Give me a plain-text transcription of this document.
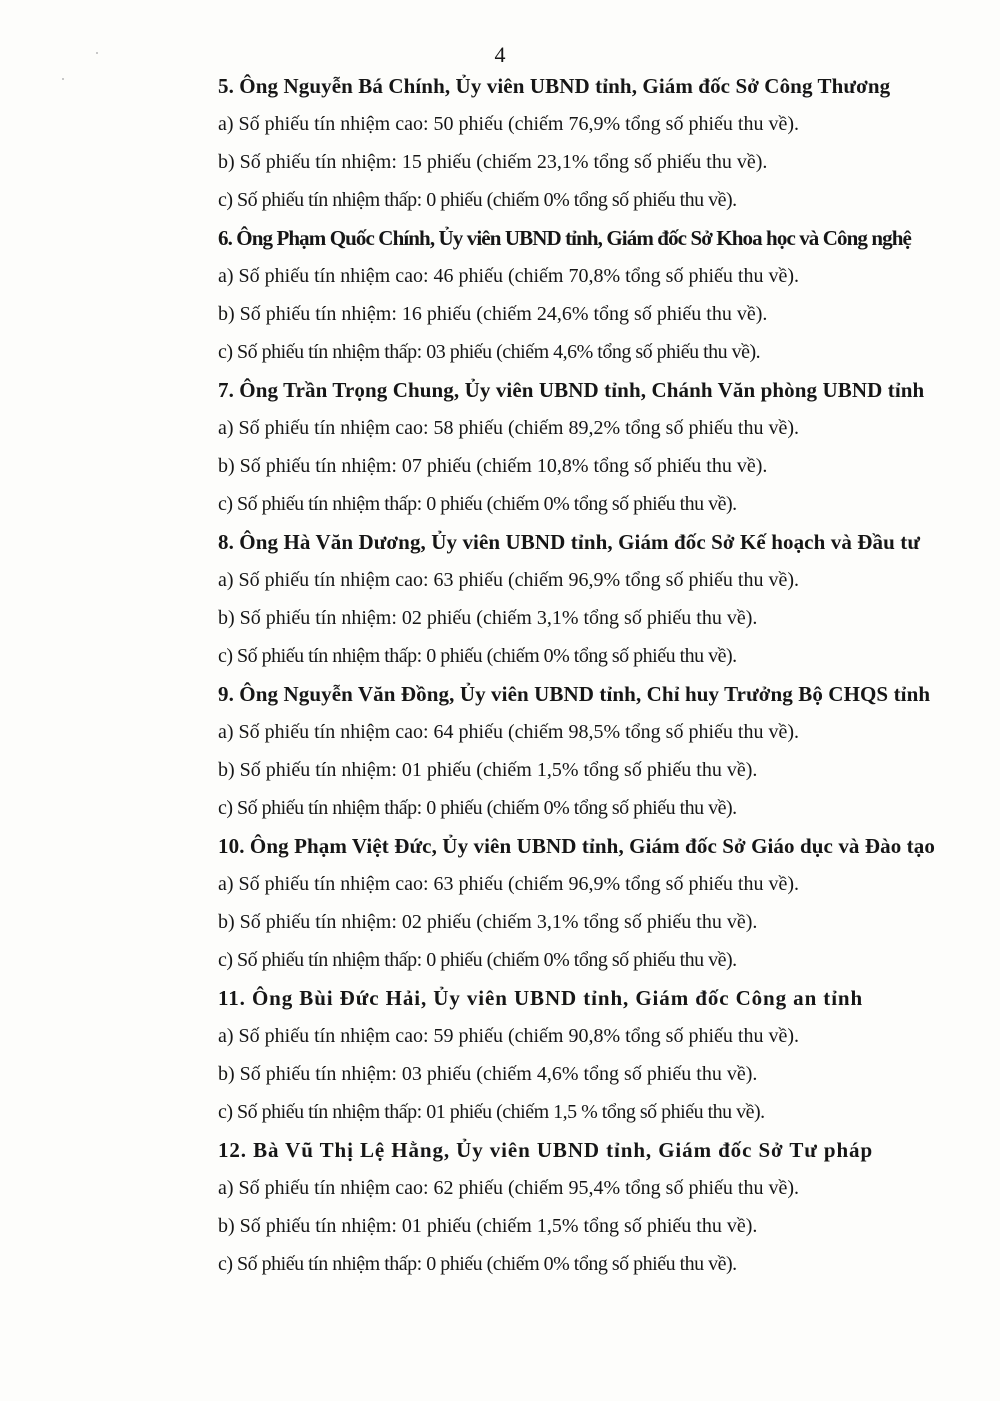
4
5. Ông Nguyễn Bá Chính, Ủy viên UBND tỉnh, Giám đốc Sở Công Thương
a) Số phiếu tín nhiệm cao: 50 phiếu (chiếm 76,9% tổng số phiếu thu về).
b) Số phiếu tín nhiệm: 15 phiếu (chiếm 23,1% tổng số phiếu thu về).
c) Số phiếu tín nhiệm thấp: 0 phiếu (chiếm 0% tổng số phiếu thu về).
6. Ông Phạm Quốc Chính, Ủy viên UBND tỉnh, Giám đốc Sở Khoa học và Công nghệ
a) Số phiếu tín nhiệm cao: 46 phiếu (chiếm 70,8% tổng số phiếu thu về).
b) Số phiếu tín nhiệm: 16 phiếu (chiếm 24,6% tổng số phiếu thu về).
c) Số phiếu tín nhiệm thấp: 03 phiếu (chiếm 4,6% tổng số phiếu thu về).
7. Ông Trần Trọng Chung, Ủy viên UBND tỉnh, Chánh Văn phòng UBND tỉnh
a) Số phiếu tín nhiệm cao: 58 phiếu (chiếm 89,2% tổng số phiếu thu về).
b) Số phiếu tín nhiệm: 07 phiếu (chiếm 10,8% tổng số phiếu thu về).
c) Số phiếu tín nhiệm thấp: 0 phiếu (chiếm 0% tổng số phiếu thu về).
8. Ông Hà Văn Dương, Ủy viên UBND tỉnh, Giám đốc Sở Kế hoạch và Đầu tư
a) Số phiếu tín nhiệm cao: 63 phiếu (chiếm 96,9% tổng số phiếu thu về).
b) Số phiếu tín nhiệm: 02 phiếu (chiếm 3,1% tổng số phiếu thu về).
c) Số phiếu tín nhiệm thấp: 0 phiếu (chiếm 0% tổng số phiếu thu về).
9. Ông Nguyễn Văn Đồng, Ủy viên UBND tỉnh, Chỉ huy Trưởng Bộ CHQS tỉnh
a) Số phiếu tín nhiệm cao: 64 phiếu (chiếm 98,5% tổng số phiếu thu về).
b) Số phiếu tín nhiệm: 01 phiếu (chiếm 1,5% tổng số phiếu thu về).
c) Số phiếu tín nhiệm thấp: 0 phiếu (chiếm 0% tổng số phiếu thu về).
10. Ông Phạm Việt Đức, Ủy viên UBND tỉnh, Giám đốc Sở Giáo dục và Đào tạo
a) Số phiếu tín nhiệm cao: 63 phiếu (chiếm 96,9% tổng số phiếu thu về).
b) Số phiếu tín nhiệm: 02 phiếu (chiếm 3,1% tổng số phiếu thu về).
c) Số phiếu tín nhiệm thấp: 0 phiếu (chiếm 0% tổng số phiếu thu về).
11. Ông Bùi Đức Hải, Ủy viên UBND tỉnh, Giám đốc Công an tỉnh
a) Số phiếu tín nhiệm cao: 59 phiếu (chiếm 90,8% tổng số phiếu thu về).
b) Số phiếu tín nhiệm: 03 phiếu (chiếm 4,6% tổng số phiếu thu về).
c) Số phiếu tín nhiệm thấp: 01 phiếu (chiếm 1,5 % tổng số phiếu thu về).
12. Bà Vũ Thị Lệ Hằng, Ủy viên UBND tỉnh, Giám đốc Sở Tư pháp
a) Số phiếu tín nhiệm cao: 62 phiếu (chiếm 95,4% tổng số phiếu thu về).
b) Số phiếu tín nhiệm: 01 phiếu (chiếm 1,5% tổng số phiếu thu về).
c) Số phiếu tín nhiệm thấp: 0 phiếu (chiếm 0% tổng số phiếu thu về).
